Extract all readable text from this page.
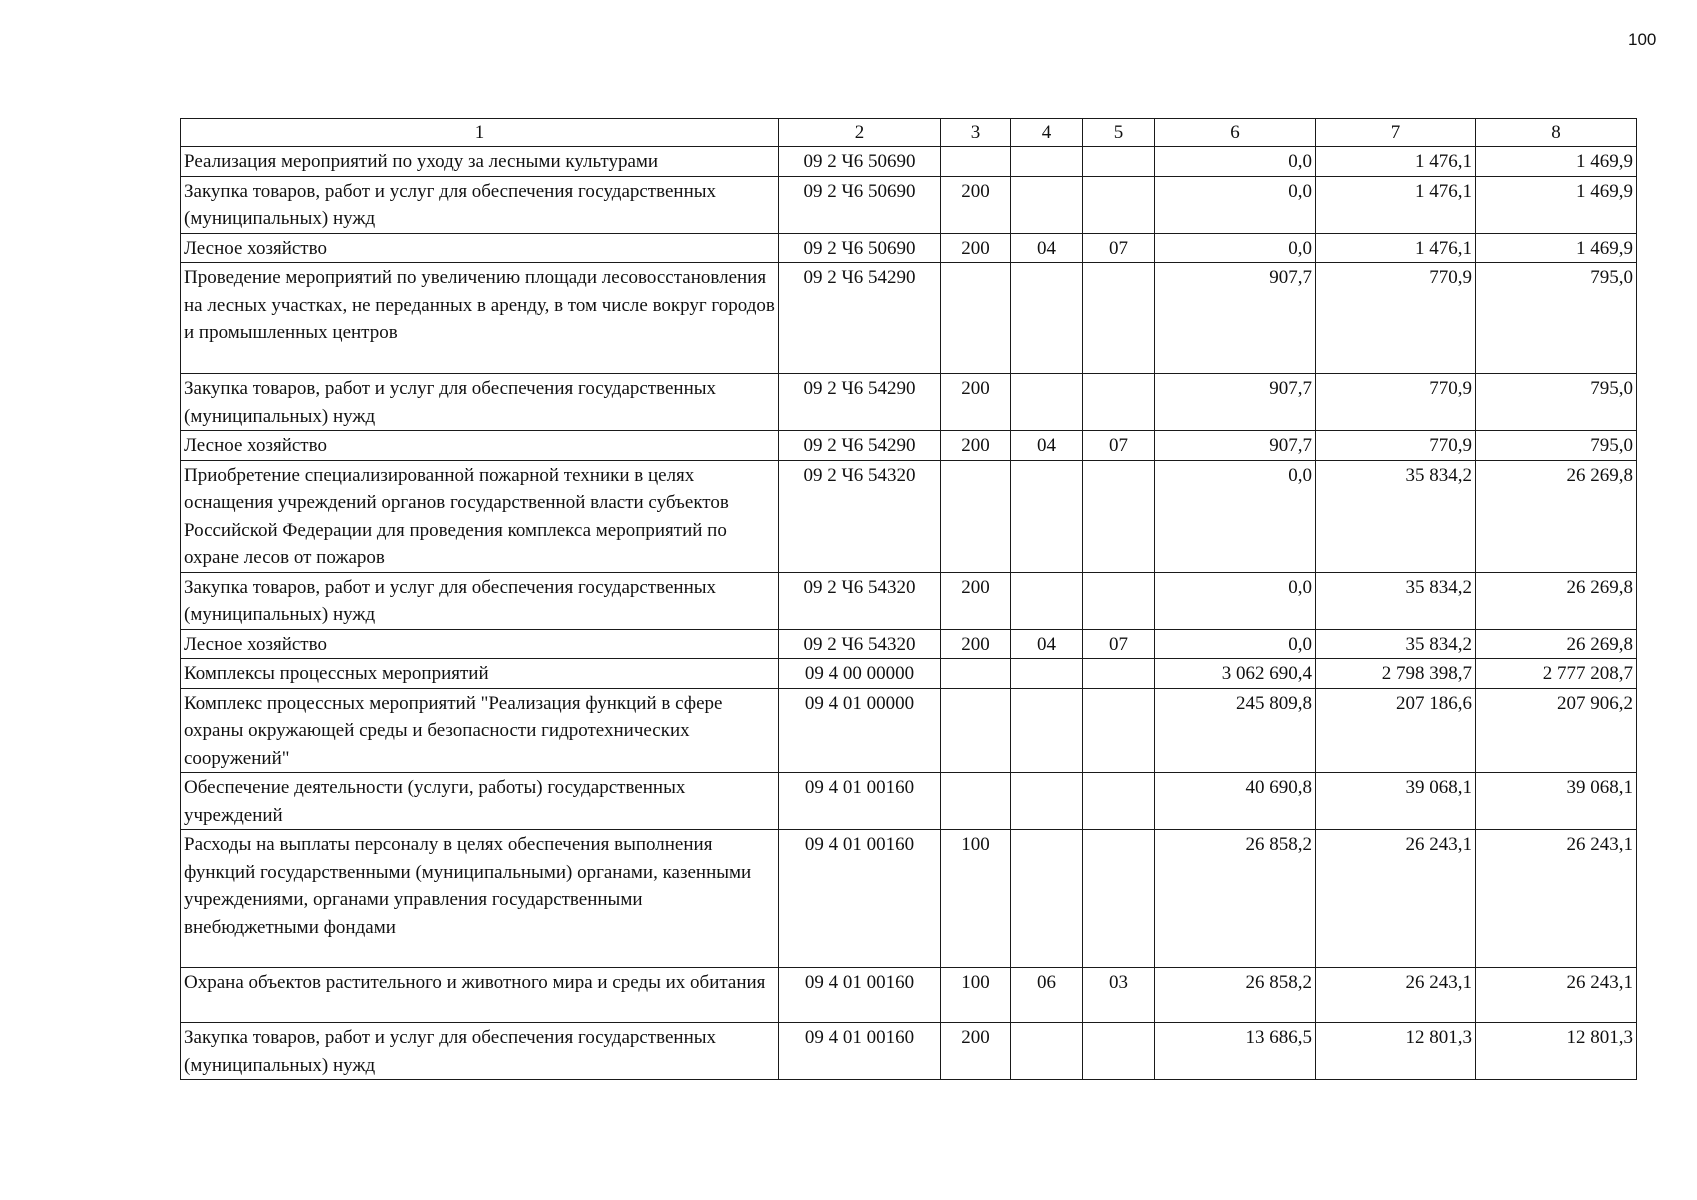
100
1	2	3	4	5	6	7	8
Реализация мероприятий по уходу за лесными культурами	09 2 Ч6 50690				0,0	1 476,1	1 469,9
Закупка товаров, работ и услуг для обеспечения государственных (муниципальных) нужд	09 2 Ч6 50690	200			0,0	1 476,1	1 469,9
Лесное хозяйство	09 2 Ч6 50690	200	04	07	0,0	1 476,1	1 469,9
Проведение мероприятий по увеличению площади лесовосстановления на лесных участках, не переданных в аренду, в том числе вокруг городов и промышленных центров	09 2 Ч6 54290				907,7	770,9	795,0
Закупка товаров, работ и услуг для обеспечения государственных (муниципальных) нужд	09 2 Ч6 54290	200			907,7	770,9	795,0
Лесное хозяйство	09 2 Ч6 54290	200	04	07	907,7	770,9	795,0
Приобретение специализированной пожарной техники в целях оснащения учреждений органов государственной власти субъектов Российской Федерации для проведения комплекса мероприятий по охране лесов от пожаров	09 2 Ч6 54320				0,0	35 834,2	26 269,8
Закупка товаров, работ и услуг для обеспечения государственных (муниципальных) нужд	09 2 Ч6 54320	200			0,0	35 834,2	26 269,8
Лесное хозяйство	09 2 Ч6 54320	200	04	07	0,0	35 834,2	26 269,8
Комплексы процессных мероприятий	09 4 00 00000				3 062 690,4	2 798 398,7	2 777 208,7
Комплекс процессных мероприятий "Реализация функций в сфере охраны окружающей среды и безопасности гидротехнических сооружений"	09 4 01 00000				245 809,8	207 186,6	207 906,2
Обеспечение деятельности (услуги, работы) государственных учреждений	09 4 01 00160				40 690,8	39 068,1	39 068,1
Расходы на выплаты персоналу в целях обеспечения выполнения функций государственными (муниципальными) органами, казенными учреждениями, органами управления государственными внебюджетными фондами	09 4 01 00160	100			26 858,2	26 243,1	26 243,1
Охрана объектов растительного и животного мира и среды их обитания	09 4 01 00160	100	06	03	26 858,2	26 243,1	26 243,1
Закупка товаров, работ и услуг для обеспечения государственных (муниципальных) нужд	09 4 01 00160	200			13 686,5	12 801,3	12 801,3
